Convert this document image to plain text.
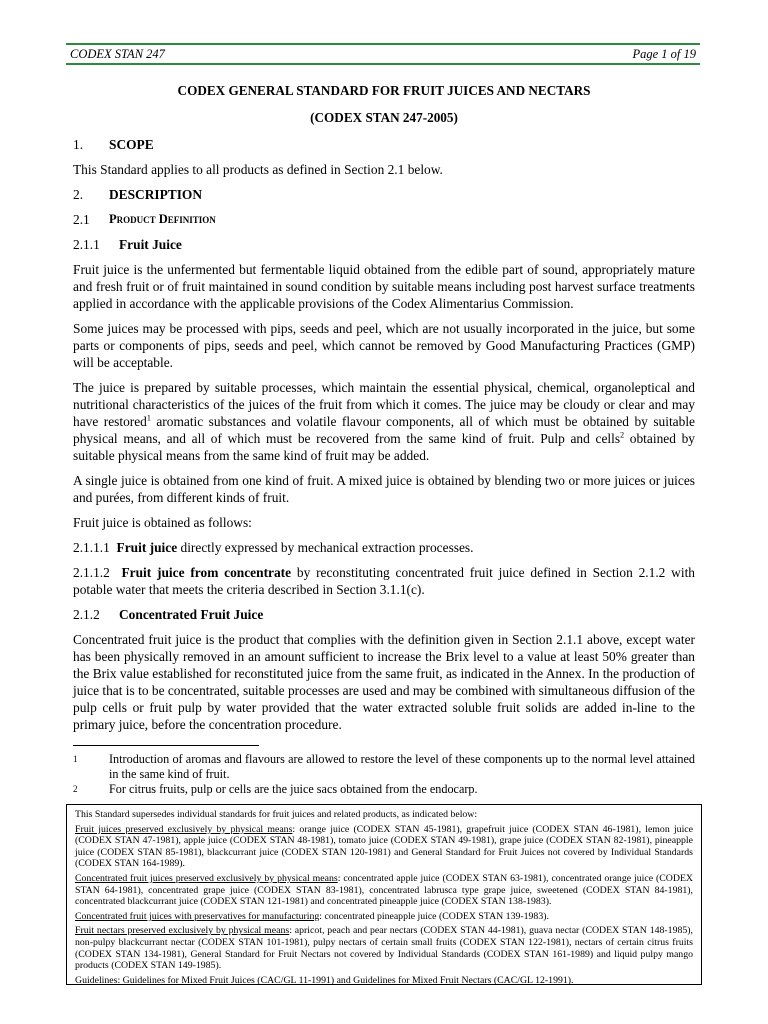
CODEX STAN 247	Page 1 of 19
CODEX GENERAL STANDARD FOR FRUIT JUICES AND NECTARS
(CODEX STAN 247-2005)
1.	SCOPE

This Standard applies to all products as defined in Section 2.1 below.

2.	DESCRIPTION
2.1	Product Definition
2.1.1	Fruit Juice

Fruit juice is the unfermented but fermentable liquid obtained from the edible part of sound, appropriately mature and fresh fruit or of fruit maintained in sound condition by suitable means including post harvest surface treatments applied in accordance with the applicable provisions of the Codex Alimentarius Commission.

Some juices may be processed with pips, seeds and peel, which are not usually incorporated in the juice, but some parts or components of pips, seeds and peel, which cannot be removed by Good Manufacturing Practices (GMP) will be acceptable.

The juice is prepared by suitable processes, which maintain the essential physical, chemical, organoleptical and nutritional characteristics of the juices of the fruit from which it comes. The juice may be cloudy or clear and may have restored$^1$ aromatic substances and volatile flavour components, all of which must be obtained by suitable physical means, and all of which must be recovered from the same kind of fruit. Pulp and cells$^2$ obtained by suitable physical means from the same kind of fruit may be added.

A single juice is obtained from one kind of fruit. A mixed juice is obtained by blending two or more juices or juices and purées, from different kinds of fruit.

Fruit juice is obtained as follows:

2.1.1.1 Fruit juice directly expressed by mechanical extraction processes.

2.1.1.2 Fruit juice from concentrate by reconstituting concentrated fruit juice defined in Section 2.1.2 with potable water that meets the criteria described in Section 3.1.1(c).

2.1.2	Concentrated Fruit Juice

Concentrated fruit juice is the product that complies with the definition given in Section 2.1.1 above, except water has been physically removed in an amount sufficient to increase the Brix level to a value at least 50% greater than the Brix value established for reconstituted juice from the same fruit, as indicated in the Annex. In the production of juice that is to be concentrated, suitable processes are used and may be combined with simultaneous diffusion of the pulp cells or fruit pulp by water provided that the water extracted soluble fruit solids are added in-line to the primary juice, before the concentration procedure.

1	Introduction of aromas and flavours are allowed to restore the level of these components up to the normal level attained in the same kind of fruit.
2	For citrus fruits, pulp or cells are the juice sacs obtained from the endocarp.

This Standard supersedes individual standards for fruit juices and related products, as indicated below:

Fruit juices preserved exclusively by physical means: orange juice (CODEX STAN 45-1981), grapefruit juice (CODEX STAN 46-1981), lemon juice (CODEX STAN 47-1981), apple juice (CODEX STAN 48-1981), tomato juice (CODEX STAN 49-1981), grape juice (CODEX STAN 82-1981), pineapple juice (CODEX STAN 85-1981), blackcurrant juice (CODEX STAN 120-1981) and General Standard for Fruit Juices not covered by Individual Standards (CODEX STAN 164-1989).

Concentrated fruit juices preserved exclusively by physical means: concentrated apple juice (CODEX STAN 63-1981), concentrated orange juice (CODEX STAN 64-1981), concentrated grape juice (CODEX STAN 83-1981), concentrated labrusca type grape juice, sweetened (CODEX STAN 84-1981), concentrated blackcurrant juice (CODEX STAN 121-1981) and concentrated pineapple juice (CODEX STAN 138-1983).

Concentrated fruit juices with preservatives for manufacturing: concentrated pineapple juice (CODEX STAN 139-1983).

Fruit nectars preserved exclusively by physical means: apricot, peach and pear nectars (CODEX STAN 44-1981), guava nectar (CODEX STAN 148-1985), non-pulpy blackcurrant nectar (CODEX STAN 101-1981), pulpy nectars of certain small fruits (CODEX STAN 122-1981), nectars of certain citrus fruits (CODEX STAN 134-1981), General Standard for Fruit Nectars not covered by Individual Standards (CODEX STAN 161-1989) and liquid pulpy mango products (CODEX STAN 149-1985).

Guidelines: Guidelines for Mixed Fruit Juices (CAC/GL 11-1991) and Guidelines for Mixed Fruit Nectars (CAC/GL 12-1991).
